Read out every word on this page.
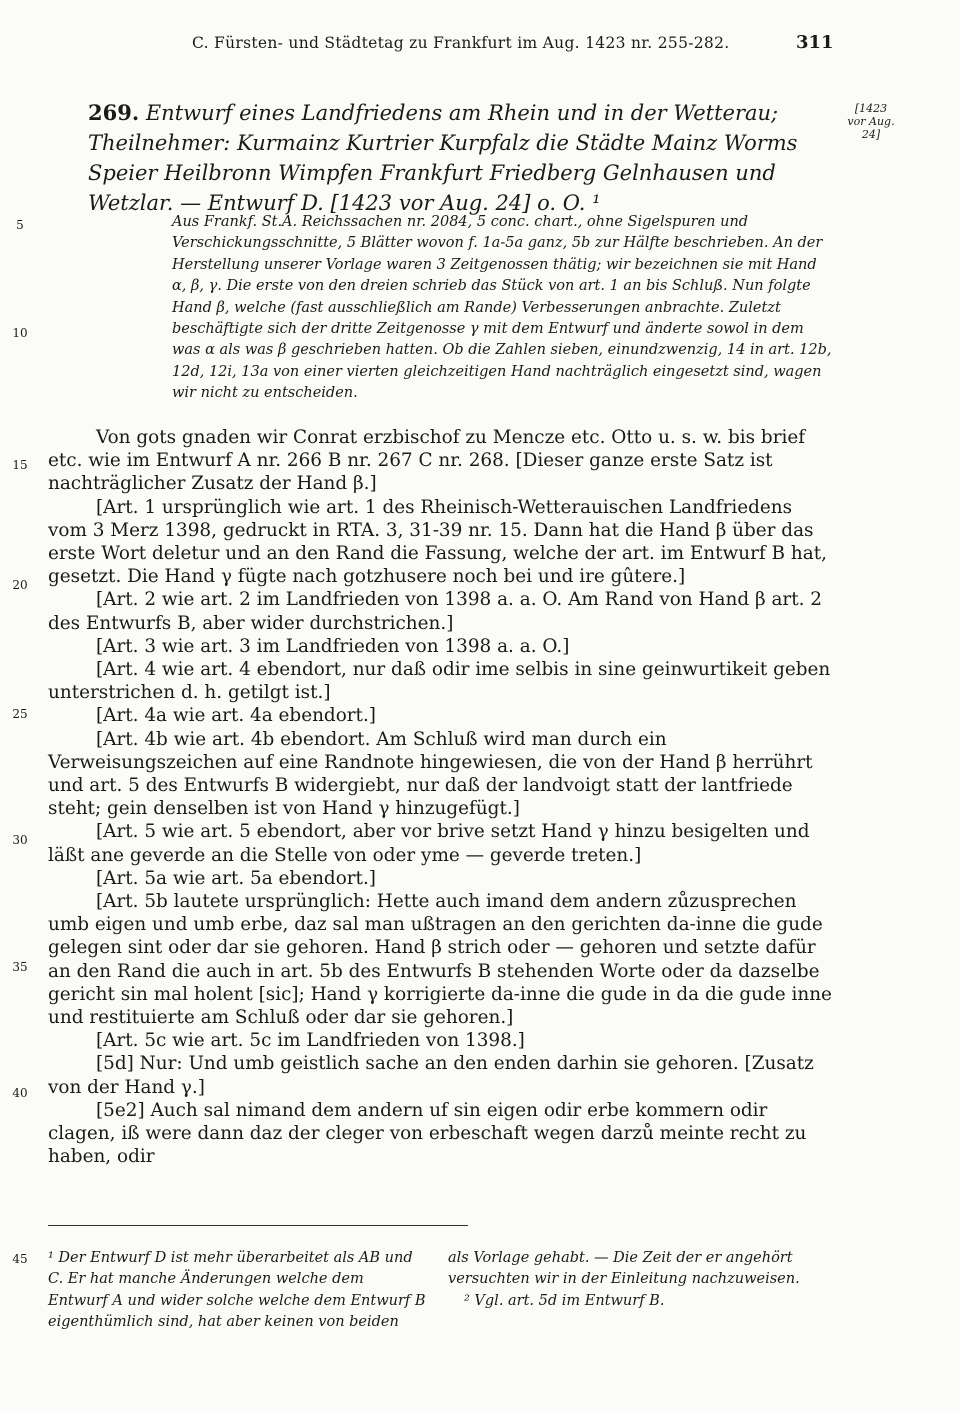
C. Fürsten- und Städtetag zu Frankfurt im Aug. 1423 nr. 255-282.	311
269. Entwurf eines Landfriedens am Rhein und in der Wetterau; Theilnehmer: Kurmainz Kurtrier Kurpfalz die Städte Mainz Worms Speier Heilbronn Wimpfen Frankfurt Friedberg Gelnhausen und Wetzlar. — Entwurf D. [1423 vor Aug. 24] o. O. ¹
[1423 vor Aug. 24]
5
10
15
20
25
30
35
40
45
Aus Frankf. St.A. Reichssachen nr. 2084, 5 conc. chart., ohne Sigelspuren und Verschickungsschnitte, 5 Blätter wovon f. 1a-5a ganz, 5b zur Hälfte beschrieben. An der Herstellung unserer Vorlage waren 3 Zeitgenossen thätig; wir bezeichnen sie mit Hand α, β, γ. Die erste von den dreien schrieb das Stück von art. 1 an bis Schluß. Nun folgte Hand β, welche (fast ausschließlich am Rande) Verbesserungen anbrachte. Zuletzt beschäftigte sich der dritte Zeitgenosse γ mit dem Entwurf und änderte sowol in dem was α als was β geschrieben hatten. Ob die Zahlen sieben, einundzwenzig, 14 in art. 12b, 12d, 12i, 13a von einer vierten gleichzeitigen Hand nachträglich eingesetzt sind, wagen wir nicht zu entscheiden.

Von gots gnaden wir Conrat erzbischof zu Mencze etc. Otto u. s. w. bis brief etc. wie im Entwurf A nr. 266 B nr. 267 C nr. 268. [Dieser ganze erste Satz ist nachträglicher Zusatz der Hand β.]

[Art. 1 ursprünglich wie art. 1 des Rheinisch-Wetterauischen Landfriedens vom 3 Merz 1398, gedruckt in RTA. 3, 31-39 nr. 15. Dann hat die Hand β über das erste Wort deletur und an den Rand die Fassung, welche der art. im Entwurf B hat, gesetzt. Die Hand γ fügte nach gotzhusere noch bei und ire gûtere.]

[Art. 2 wie art. 2 im Landfrieden von 1398 a. a. O. Am Rand von Hand β art. 2 des Entwurfs B, aber wider durchstrichen.]

[Art. 3 wie art. 3 im Landfrieden von 1398 a. a. O.]

[Art. 4 wie art. 4 ebendort, nur daß odir ime selbis in sine geinwurtikeit geben unterstrichen d. h. getilgt ist.]

[Art. 4a wie art. 4a ebendort.]

[Art. 4b wie art. 4b ebendort. Am Schluß wird man durch ein Verweisungszeichen auf eine Randnote hingewiesen, die von der Hand β herrührt und art. 5 des Entwurfs B widergiebt, nur daß der landvoigt statt der lantfriede steht; gein denselben ist von Hand γ hinzugefügt.]

[Art. 5 wie art. 5 ebendort, aber vor brive setzt Hand γ hinzu besigelten und läßt ane geverde an die Stelle von oder yme — geverde treten.]

[Art. 5a wie art. 5a ebendort.]

[Art. 5b lautete ursprünglich: Hette auch imand dem andern zůzusprechen umb eigen und umb erbe, daz sal man ußtragen an den gerichten da-inne die gude gelegen sint oder dar sie gehoren. Hand β strich oder — gehoren und setzte dafür an den Rand die auch in art. 5b des Entwurfs B stehenden Worte oder da dazselbe gericht sin mal holent [sic]; Hand γ korrigierte da-inne die gude in da die gude inne und restituierte am Schluß oder dar sie gehoren.]

[Art. 5c wie art. 5c im Landfrieden von 1398.]

[5d] Nur: Und umb geistlich sache an den enden darhin sie gehoren. [Zusatz von der Hand γ.]

[5e2] Auch sal nimand dem andern uf sin eigen odir erbe kommern odir clagen, iß were dann daz der cleger von erbeschaft wegen darzů meinte recht zu haben, odir

¹ Der Entwurf D ist mehr überarbeitet als AB und C. Er hat manche Änderungen welche dem Entwurf A und wider solche welche dem Entwurf B eigenthümlich sind, hat aber keinen von beiden
als Vorlage gehabt. — Die Zeit der er angehört versuchten wir in der Einleitung nachzuweisen.
² Vgl. art. 5d im Entwurf B.
